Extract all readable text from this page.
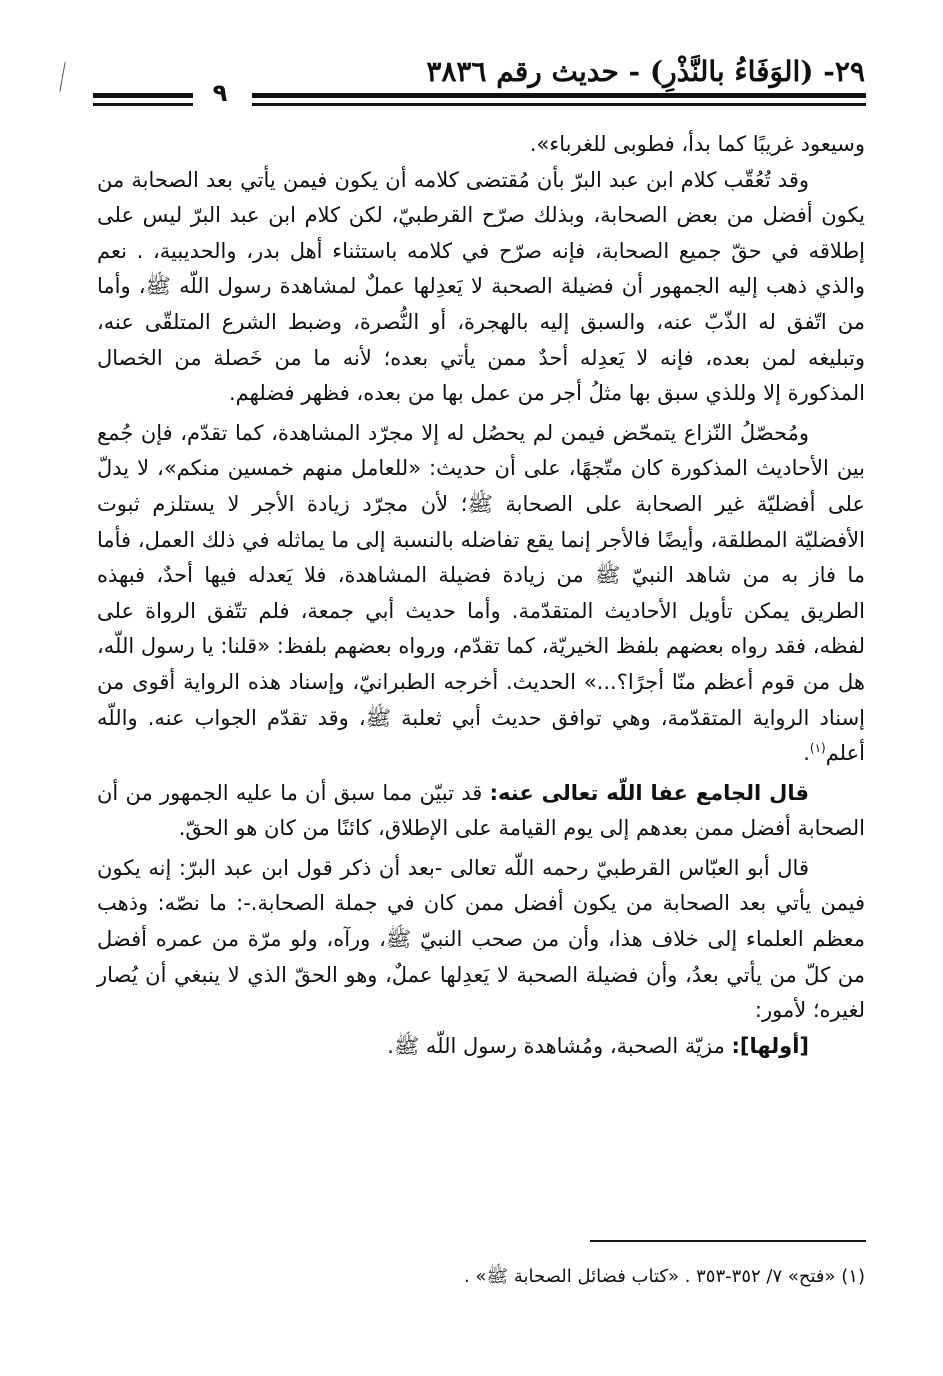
٢٩- (الوَفَاءُ بالنَّذْرِ) - حديث رقم ٣٨٣٦
٩

وسيعود غريبًا كما بدأ، فطوبى للغرباء».

وقد تُعُقّب كلام ابن عبد البرّ بأن مُقتضى كلامه أن يكون فيمن يأتي بعد الصحابة من يكون أفضل من بعض الصحابة، وبذلك صرّح القرطبيّ، لكن كلام ابن عبد البرّ ليس على إطلاقه في حقّ جميع الصحابة، فإنه صرّح في كلامه باستثناء أهل بدر، والحديبية، . نعم والذي ذهب إليه الجمهور أن فضيلة الصحبة لا يَعدِلها عملٌ لمشاهدة رسول اللّه ﷺ، وأما من اتّفق له الذّبّ عنه، والسبق إليه بالهجرة، أو النُّصرة، وضبط الشرع المتلقّى عنه، وتبليغه لمن بعده، فإنه لا يَعدِله أحدٌ ممن يأتي بعده؛ لأنه ما من خَصلة من الخصال المذكورة إلا وللذي سبق بها مثلُ أجر من عمل بها من بعده، فظهر فضلهم.

ومُحصّلُ النّزاع يتمحّض فيمن لم يحصُل له إلا مجرّد المشاهدة، كما تقدّم، فإن جُمع بين الأحاديث المذكورة كان متّجهًا، على أن حديث: «للعامل منهم خمسين منكم»، لا يدلّ على أفضليّة غير الصحابة على الصحابة ﷺ؛ لأن مجرّد زيادة الأجر لا يستلزم ثبوت الأفضليّة المطلقة، وأيضًا فالأجر إنما يقع تفاضله بالنسبة إلى ما يماثله في ذلك العمل، فأما ما فاز به من شاهد النبيّ ﷺ من زيادة فضيلة المشاهدة، فلا يَعدله فيها أحدٌ، فبهذه الطريق يمكن تأويل الأحاديث المتقدّمة. وأما حديث أبي جمعة، فلم تتّفق الرواة على لفظه، فقد رواه بعضهم بلفظ الخيريّة، كما تقدّم، ورواه بعضهم بلفظ: «قلنا: يا رسول اللّه، هل من قوم أعظم منّا أجرًا؟...» الحديث. أخرجه الطبرانيّ، وإسناد هذه الرواية أقوى من إسناد الرواية المتقدّمة، وهي توافق حديث أبي ثعلبة ﷺ، وقد تقدّم الجواب عنه. واللّه أعلم$^{(١)}$.

قال الجامع عفا اللّه تعالى عنه: قد تبيّن مما سبق أن ما عليه الجمهور من أن الصحابة أفضل ممن بعدهم إلى يوم القيامة على الإطلاق، كائنًا من كان هو الحقّ.

قال أبو العبّاس القرطبيّ رحمه اللّه تعالى -بعد أن ذكر قول ابن عبد البرّ: إنه يكون فيمن يأتي بعد الصحابة من يكون أفضل ممن كان في جملة الصحابة.-: ما نصّه: وذهب معظم العلماء إلى خلاف هذا، وأن من صحب النبيّ ﷺ، ورآه، ولو مرّة من عمره أفضل من كلّ من يأتي بعدُ، وأن فضيلة الصحبة لا يَعدِلها عملٌ، وهو الحقّ الذي لا ينبغي أن يُصار لغيره؛ لأمور:

[أولها]: مزيّة الصحبة، ومُشاهدة رسول اللّه ﷺ.

(١) «فتح» ٧/ ٣٥٢-٣٥٣ . «كتاب فضائل الصحابة ﷺ» .
